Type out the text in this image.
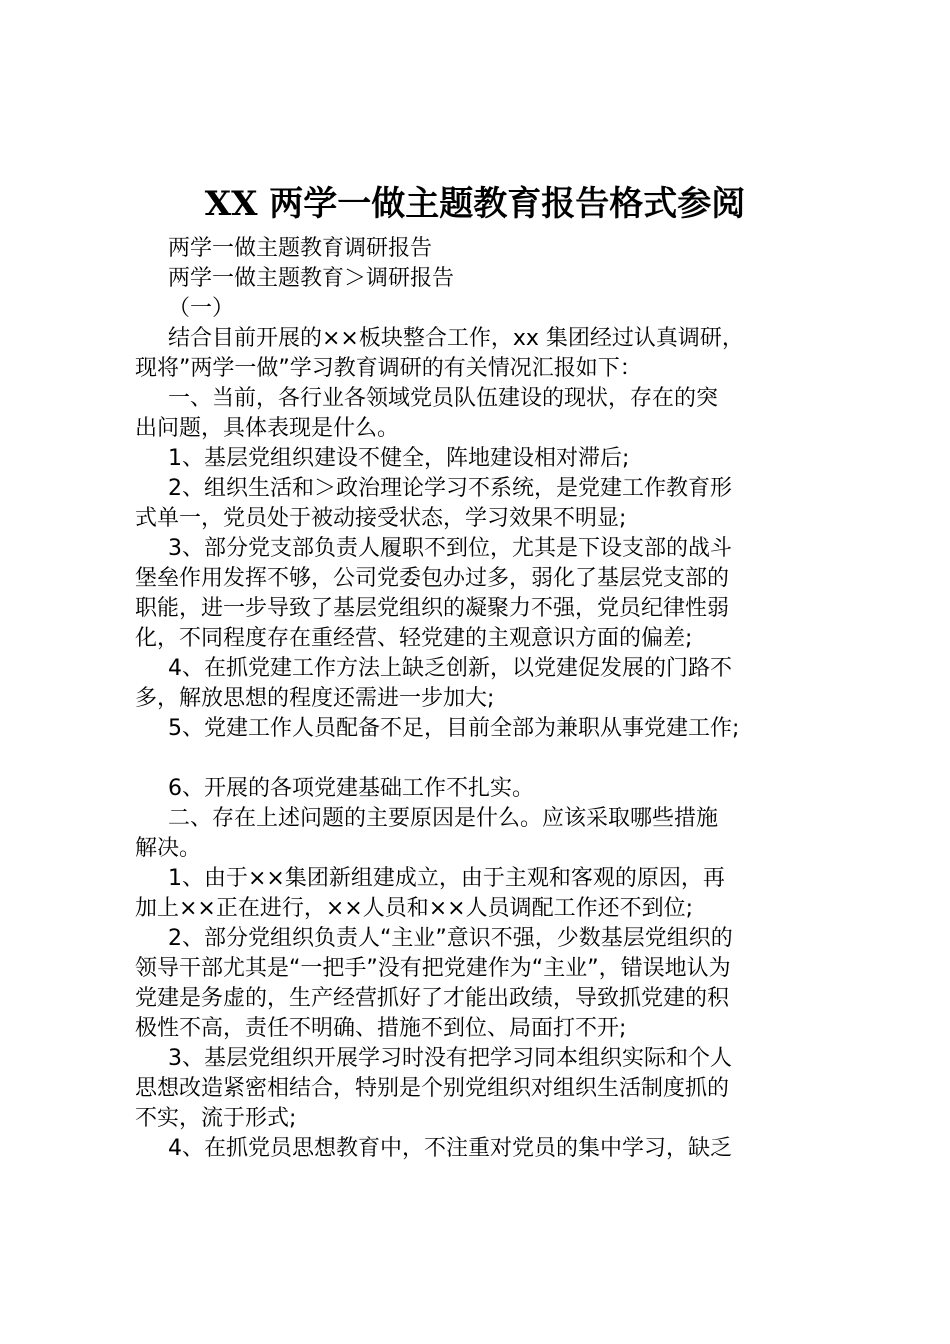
XX 两学一做主题教育报告格式参阅
两学一做主题教育调研报告
两学一做主题教育＞调研报告
（一）
结合目前开展的××板块整合工作，xx 集团经过认真调研，
现将”两学一做”学习教育调研的有关情况汇报如下：
一、当前，各行业各领域党员队伍建设的现状，存在的突
出问题，具体表现是什么。
1、基层党组织建设不健全，阵地建设相对滞后;
2、组织生活和＞政治理论学习不系统，是党建工作教育形
式单一，党员处于被动接受状态，学习效果不明显;
3、部分党支部负责人履职不到位，尤其是下设支部的战斗
堡垒作用发挥不够，公司党委包办过多，弱化了基层党支部的
职能，进一步导致了基层党组织的凝聚力不强，党员纪律性弱
化，不同程度存在重经营、轻党建的主观意识方面的偏差;
4、在抓党建工作方法上缺乏创新，以党建促发展的门路不
多，解放思想的程度还需进一步加大;
5、党建工作人员配备不足，目前全部为兼职从事党建工作;
6、开展的各项党建基础工作不扎实。
二、存在上述问题的主要原因是什么。应该采取哪些措施
解决。
1、由于××集团新组建成立，由于主观和客观的原因，再
加上××正在进行，××人员和××人员调配工作还不到位;
2、部分党组织负责人“主业”意识不强，少数基层党组织的
领导干部尤其是“一把手”没有把党建作为“主业”，错误地认为
党建是务虚的，生产经营抓好了才能出政绩，导致抓党建的积
极性不高，责任不明确、措施不到位、局面打不开;
3、基层党组织开展学习时没有把学习同本组织实际和个人
思想改造紧密相结合，特别是个别党组织对组织生活制度抓的
不实，流于形式;
4、在抓党员思想教育中，不注重对党员的集中学习，缺乏
